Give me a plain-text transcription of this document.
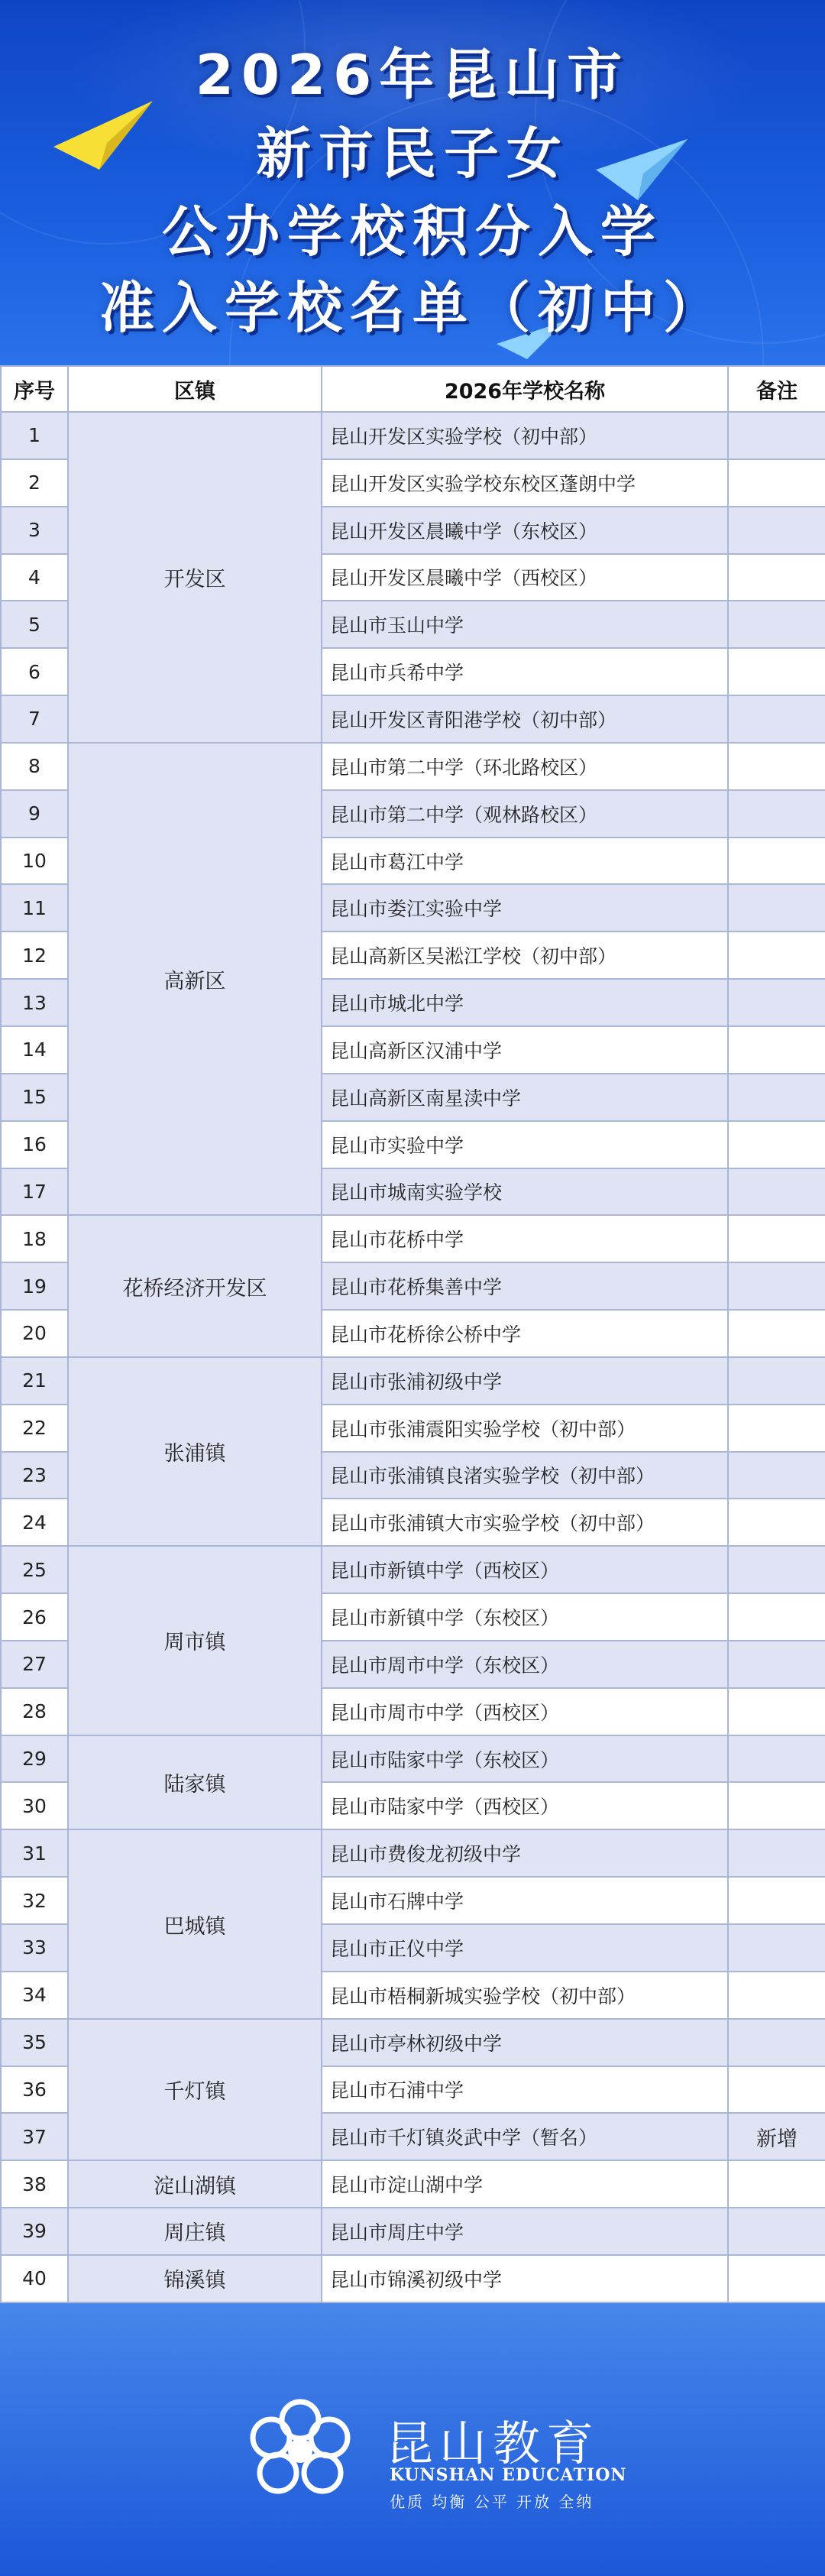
2026年昆山市
新市民子女
公办学校积分入学
准入学校名单（初中）
序号	区镇	2026年学校名称	备注
1	开发区	昆山开发区实验学校（初中部）	
2		昆山开发区实验学校东校区蓬朗中学	
3		昆山开发区晨曦中学（东校区）	
4		昆山开发区晨曦中学（西校区）	
5		昆山市玉山中学	
6		昆山市兵希中学	
7		昆山开发区青阳港学校（初中部）	
8	高新区	昆山市第二中学（环北路校区）	
9		昆山市第二中学（观林路校区）	
10		昆山市葛江中学	
11		昆山市娄江实验中学	
12		昆山高新区吴淞江学校（初中部）	
13		昆山市城北中学	
14		昆山高新区汉浦中学	
15		昆山高新区南星渎中学	
16		昆山市实验中学	
17		昆山市城南实验学校	
18	花桥经济开发区	昆山市花桥中学	
19		昆山市花桥集善中学	
20		昆山市花桥徐公桥中学	
21	张浦镇	昆山市张浦初级中学	
22		昆山市张浦震阳实验学校（初中部）	
23		昆山市张浦镇良渚实验学校（初中部）	
24		昆山市张浦镇大市实验学校（初中部）	
25	周市镇	昆山市新镇中学（西校区）	
26		昆山市新镇中学（东校区）	
27		昆山市周市中学（东校区）	
28		昆山市周市中学（西校区）	
29	陆家镇	昆山市陆家中学（东校区）	
30		昆山市陆家中学（西校区）	
31	巴城镇	昆山市费俊龙初级中学	
32		昆山市石牌中学	
33		昆山市正仪中学	
34		昆山市梧桐新城实验学校（初中部）	
35	千灯镇	昆山市亭林初级中学	
36		昆山市石浦中学	
37		昆山市千灯镇炎武中学（暂名）	新增
38	淀山湖镇	昆山市淀山湖中学	
39	周庄镇	昆山市周庄中学	
40	锦溪镇	昆山市锦溪初级中学	
昆山教育
KUNSHAN EDUCATION
优质 均衡 公平 开放 全纳
